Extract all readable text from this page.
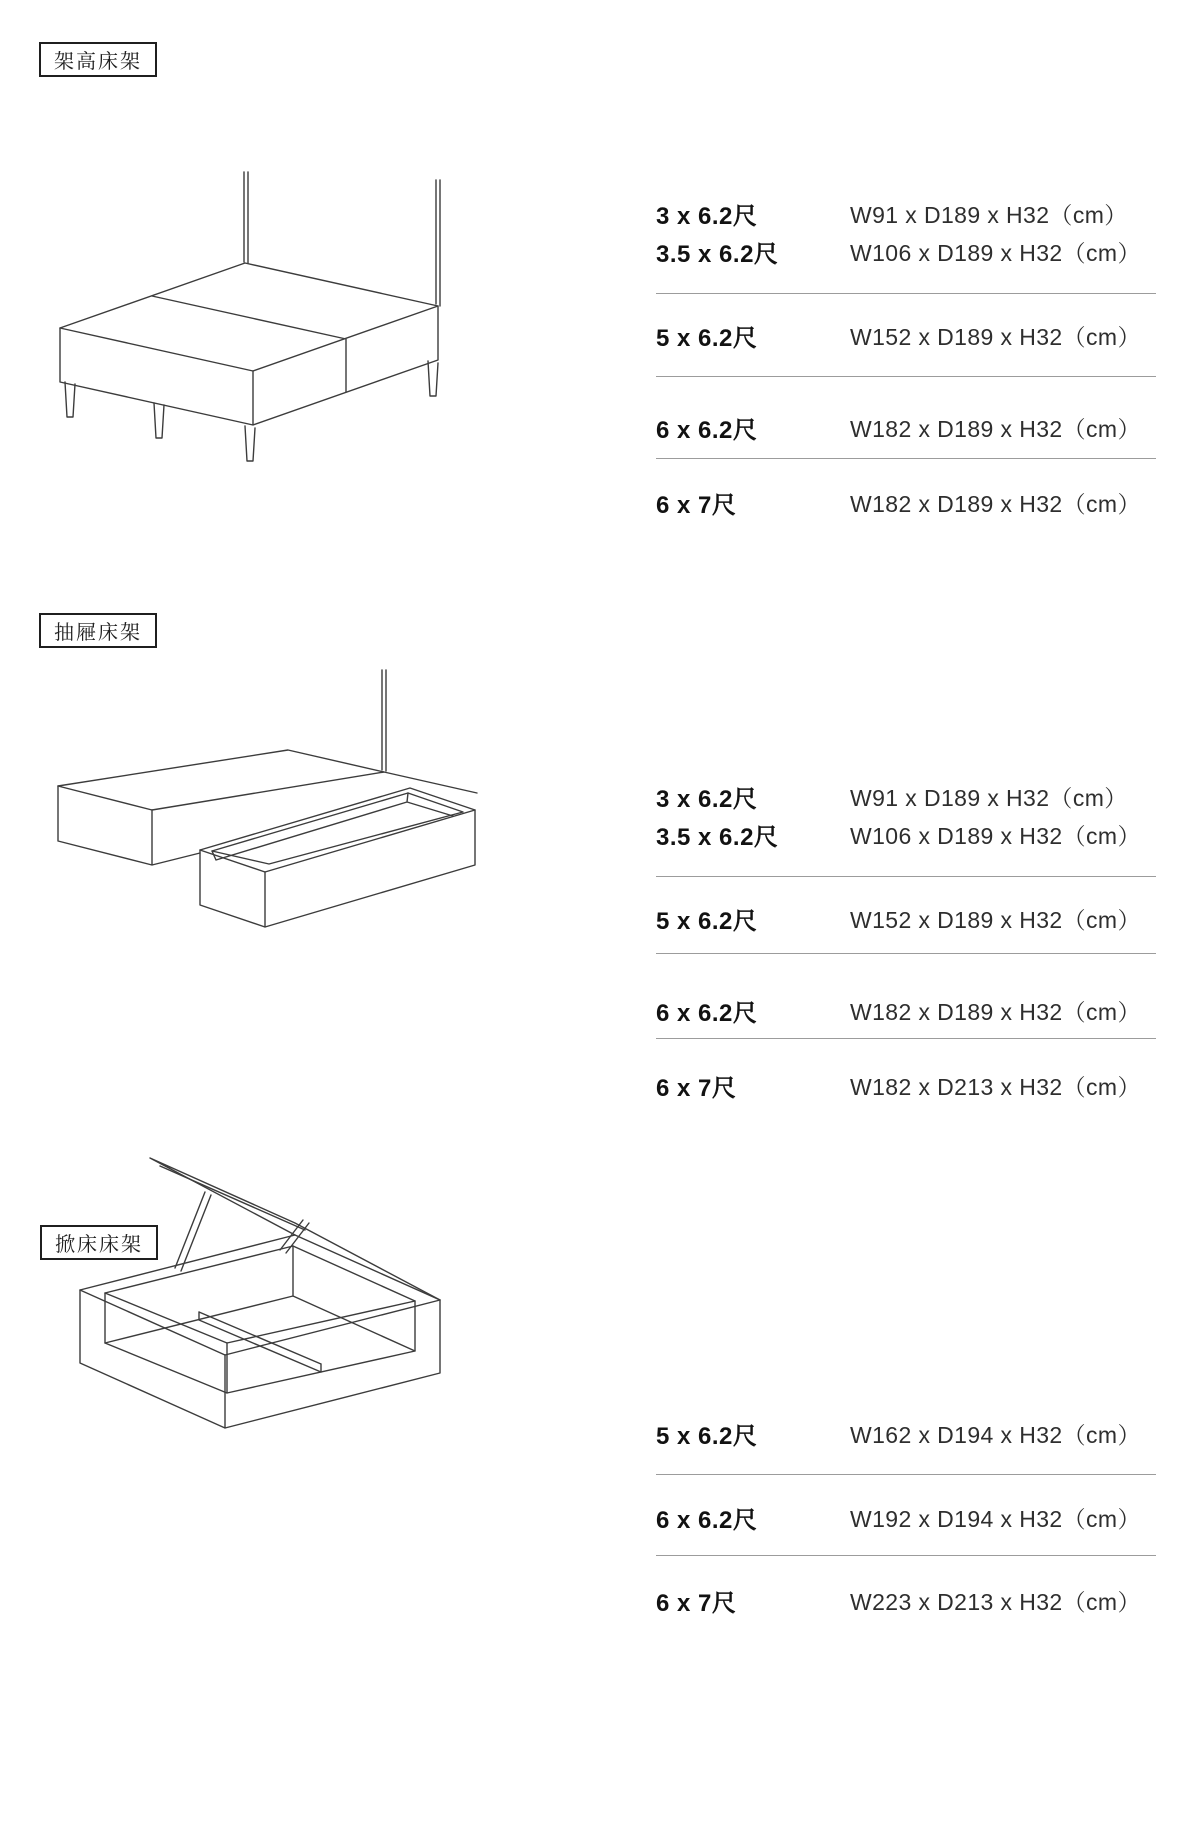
架高床架
3 x 6.2尺	W91 x D189 x H32（cm）
3.5 x 6.2尺	W106 x D189 x H32（cm）
5 x 6.2尺	W152 x D189 x H32（cm）
6 x 6.2尺	W182 x D189 x H32（cm）
6 x 7尺	W182 x D189 x H32（cm）
抽屜床架
3 x 6.2尺	W91 x D189 x H32（cm）
3.5 x 6.2尺	W106 x D189 x H32（cm）
5 x 6.2尺	W152 x D189 x H32（cm）
6 x 6.2尺	W182 x D189 x H32（cm）
6 x 7尺	W182 x D213 x H32（cm）
掀床床架
5 x 6.2尺	W162 x D194 x H32（cm）
6 x 6.2尺	W192 x D194 x H32（cm）
6 x 7尺	W223 x D213 x H32（cm）
